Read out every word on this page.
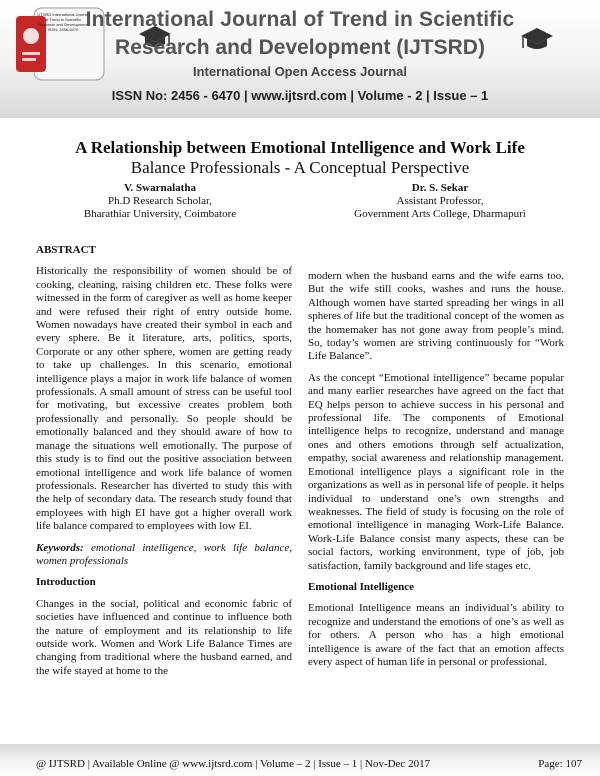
IJTSRD International Journal of Trend in Scientific Research and Development ISSN: 2456-6470 International Journal of Trend in Scientific
Research and Development (IJTSRD)
International Open Access Journal
ISSN No: 2456 - 6470 | www.ijtsrd.com | Volume - 2 | Issue – 1
A Relationship between Emotional Intelligence and Work Life
Balance Professionals - A Conceptual Perspective
V. Swarnalatha
Ph.D Research Scholar,
Bharathiar University, Coimbatore
Dr. S. Sekar
Assistant Professor,
Government Arts College, Dharmapuri
ABSTRACT

Historically the responsibility of women should be of cooking, cleaning, raising children etc. These folks were witnessed in the form of caregiver as well as home keeper and were refused their right of entry outside home. Women nowadays have created their symbol in each and every sphere. Be it literature, arts, politics, sports, Corporate or any other sphere, women are getting ready to take up challenges. In this scenario, emotional intelligence plays a major in work life balance of women professionals. A small amount of stress can be useful tool for motivating, but excessive creates problem both professionally and personally. So people should be emotionally balanced and they should aware of how to manage the situations well emotionally. The purpose of this study is to find out the positive association between emotional intelligence and work life balance of women professionals. Researcher has diverted to study this with the help of secondary data. The research study found that employees with high EI have got a higher overall work life balance compared to employees with low EI.

Keywords: emotional intelligence, work life balance, women professionals

Introduction

Changes in the social, political and economic fabric of societies have influenced and continue to influence both the nature of employment and its relationship to life outside work. Women and Work Life Balance Times are changing from traditional where the husband earned, and the wife stayed at home to the

modern when the husband earns and the wife earns too. But the wife still cooks, washes and runs the house. Although women have started spreading her wings in all spheres of life but the traditional concept of the women as the homemaker has not gone away from people’s mind. So, today’s women are striving continuously for “Work Life Balance”.

As the concept “Emotional intelligence” became popular and many earlier researches have agreed on the fact that EQ helps person to achieve success in his personal and professional life. The components of Emotional intelligence helps to recognize, understand and manage ones and others emotions through self actualization, empathy, social awareness and relationship management. Emotional intelligence plays a significant role in the organizations as well as in personal life of people. it helps individual to understand one’s own strengths and weaknesses. The field of study is focusing on the role of emotional intelligence in managing Work-Life Balance. Work-Life Balance consist many aspects, these can be social factors, working environment, type of job, job satisfaction, family background and life stages etc.

Emotional Intelligence

Emotional Intelligence means an individual’s ability to recognize and understand the emotions of one’s as well as for others. A person who has a high emotional intelligence is aware of the fact that an emotion affects every aspect of human life in personal or professional.

@ IJTSRD | Available Online @ www.ijtsrd.com | Volume – 2 | Issue – 1 | Nov-Dec 2017	Page: 107
